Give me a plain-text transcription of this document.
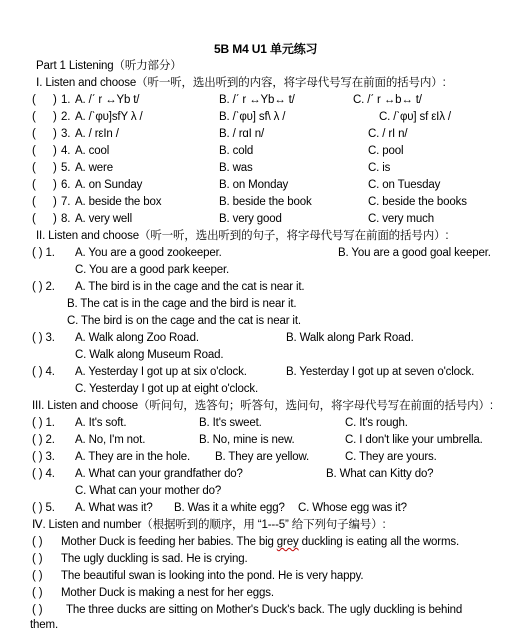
5B M4 U1 单元练习
Part 1 Listening（听力部分）
Ⅰ. Listen and choose（听一听，选出听到的内容，将字母代号写在前面的括号内）:
( ) 1. A. /ˊ r ↔Yb t/	B. /ˊ r ↔Yb↔ t/	C. /ˊ r ↔b↔ t/
( ) 2. A. /ˋφυ]sfY λ /	B. /ˋφυ] sf\ λ /	C. /ˋφυ] sf εIλ /
( ) 3. A. / rεIn /	B. / rɑI n/	C. / rI n/
( ) 4. A. cool	B. cold	C. pool
( ) 5. A. were	B. was	C. is
( ) 6. A. on Sunday	B. on Monday	C. on Tuesday
( ) 7. A. beside the box	B. beside the book	C. beside the books
( ) 8. A. very well	B. very good	C. very much
II. Listen and choose（听一听，选出听到的句子，将字母代号写在前面的括号内）:
( ) 1. A. You are a good zookeeper.	B. You are a good goal keeper.
C. You are a good park keeper.
( ) 2. A. The bird is in the cage and the cat is near it.
B. The cat is in the cage and the bird is near it.
C. The bird is on the cage and the cat is near it.
( ) 3. A. Walk along Zoo Road.	B. Walk along Park Road.
C. Walk along Museum Road.
( ) 4. A. Yesterday I got up at six o'clock.	B. Yesterday I got up at seven o'clock.
C. Yesterday I got up at eight o'clock.
III. Listen and choose（听问句，选答句；听答句，选问句，将字母代号写在前面的括号内）:
( ) 1. A. It's soft.	B. It's sweet.	C. It's rough.
( ) 2. A. No, I'm not.	B. No, mine is new.	C. I don't like your umbrella.
( ) 3. A. They are in the hole. B. They are yellow.	C. They are yours.
( ) 4. A. What can your grandfather do?	B. What can Kitty do?
C. What can your mother do?
( ) 5. A. What was it? B. Was it a white egg? C. Whose egg was it?
Ⅳ. Listen and number（根据听到的顺序，用 “1---5” 给下列句子编号）:
( ) Mother Duck is feeding her babies. The big grey duckling is eating all the worms.
( ) The ugly duckling is sad. He is crying.
( ) The beautiful swan is looking into the pond. He is very happy.
( ) Mother Duck is making a nest for her eggs.
( ) The three ducks are sitting on Mother's Duck's back. The ugly duckling is behind
them.
